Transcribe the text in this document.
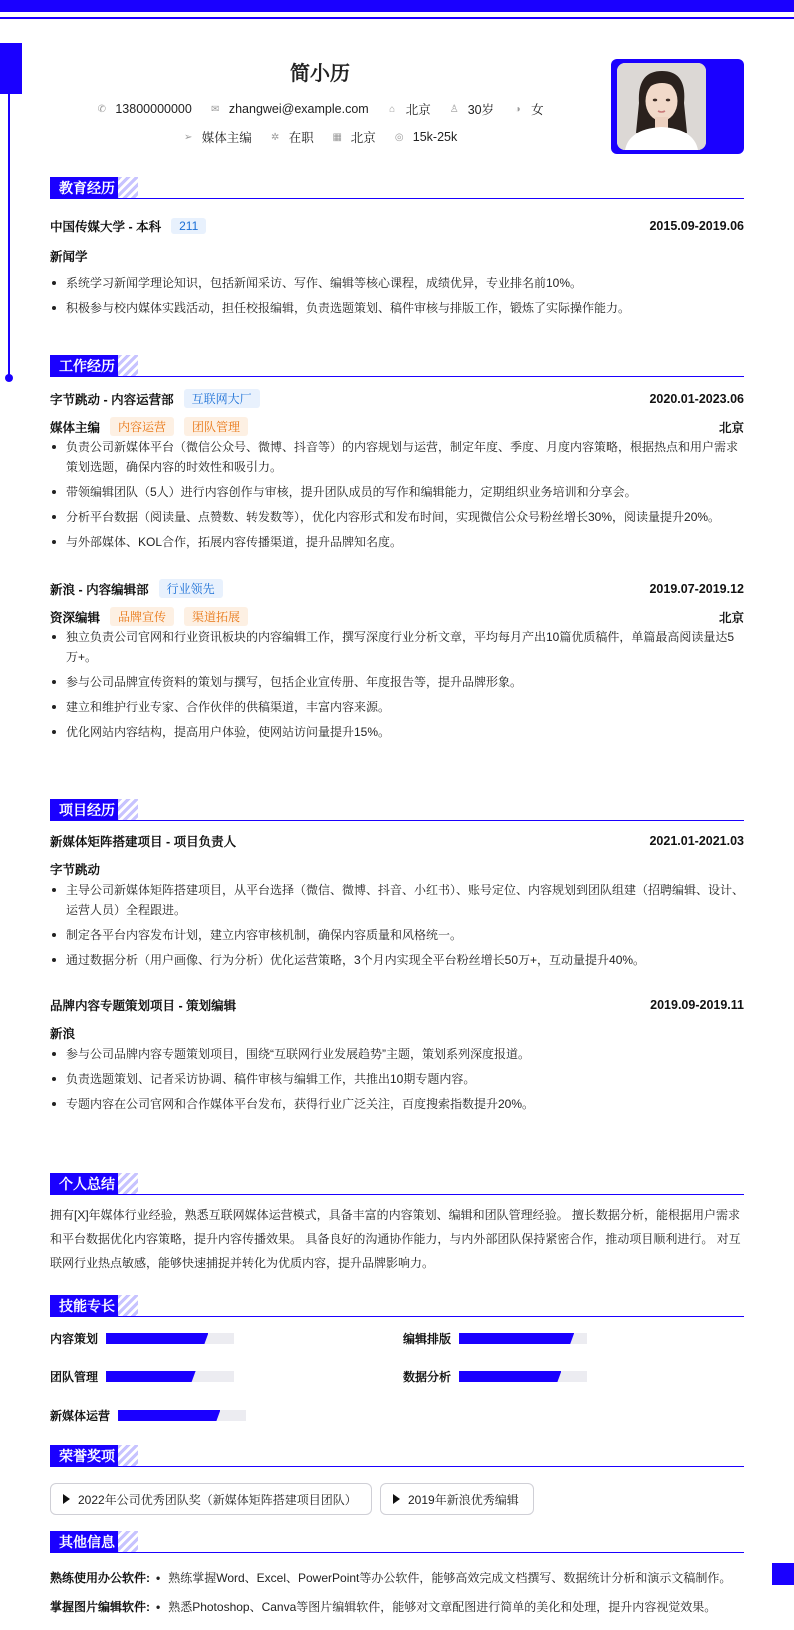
简小历
✆ 13800000000 ✉ zhangwei@example.com ⌂ 北京 ♙ 30岁 ◑ 女
➢ 媒体主编 ✲ 在职 ▦ 北京 ◎ 15k-25k
教育经历
中国传媒大学 - 本科	211	2015.09-2019.06
新闻学
系统学习新闻学理论知识，包括新闻采访、写作、编辑等核心课程，成绩优异，专业排名前10%。
积极参与校内媒体实践活动，担任校报编辑，负责选题策划、稿件审核与排版工作，锻炼了实际操作能力。
工作经历
字节跳动 - 内容运营部	互联网大厂	2020.01-2023.06
媒体主编	内容运营	团队管理	北京
负责公司新媒体平台（微信公众号、微博、抖音等）的内容规划与运营，制定年度、季度、月度内容策略，根据热点和用户需求策划选题，确保内容的时效性和吸引力。
带领编辑团队（5人）进行内容创作与审核，提升团队成员的写作和编辑能力，定期组织业务培训和分享会。
分析平台数据（阅读量、点赞数、转发数等），优化内容形式和发布时间，实现微信公众号粉丝增长30%，阅读量提升20%。
与外部媒体、KOL合作，拓展内容传播渠道，提升品牌知名度。
新浪 - 内容编辑部	行业领先	2019.07-2019.12
资深编辑	品牌宣传	渠道拓展	北京
独立负责公司官网和行业资讯板块的内容编辑工作，撰写深度行业分析文章，平均每月产出10篇优质稿件，单篇最高阅读量达5万+。
参与公司品牌宣传资料的策划与撰写，包括企业宣传册、年度报告等，提升品牌形象。
建立和维护行业专家、合作伙伴的供稿渠道，丰富内容来源。
优化网站内容结构，提高用户体验，使网站访问量提升15%。
项目经历
新媒体矩阵搭建项目 - 项目负责人	2021.01-2021.03
字节跳动
主导公司新媒体矩阵搭建项目，从平台选择（微信、微博、抖音、小红书）、账号定位、内容规划到团队组建（招聘编辑、设计、运营人员）全程跟进。
制定各平台内容发布计划，建立内容审核机制，确保内容质量和风格统一。
通过数据分析（用户画像、行为分析）优化运营策略，3个月内实现全平台粉丝增长50万+，互动量提升40%。
品牌内容专题策划项目 - 策划编辑	2019.09-2019.11
新浪
参与公司品牌内容专题策划项目，围绕“互联网行业发展趋势”主题，策划系列深度报道。
负责选题策划、记者采访协调、稿件审核与编辑工作，共推出10期专题内容。
专题内容在公司官网和合作媒体平台发布，获得行业广泛关注，百度搜索指数提升20%。
个人总结
拥有[X]年媒体行业经验，熟悉互联网媒体运营模式，具备丰富的内容策划、编辑和团队管理经验。 擅长数据分析，能根据用户需求和平台数据优化内容策略，提升内容传播效果。 具备良好的沟通协作能力，与内外部团队保持紧密合作，推动项目顺利进行。 对互联网行业热点敏感，能够快速捕捉并转化为优质内容，提升品牌影响力。
技能专长
内容策划	编辑排版
团队管理	数据分析
新媒体运营
荣誉奖项
2022年公司优秀团队奖（新媒体矩阵搭建项目团队）	2019年新浪优秀编辑
其他信息
熟练使用办公软件: • 熟练掌握Word、Excel、PowerPoint等办公软件，能够高效完成文档撰写、数据统计分析和演示文稿制作。
掌握图片编辑软件: • 熟悉Photoshop、Canva等图片编辑软件，能够对文章配图进行简单的美化和处理，提升内容视觉效果。
